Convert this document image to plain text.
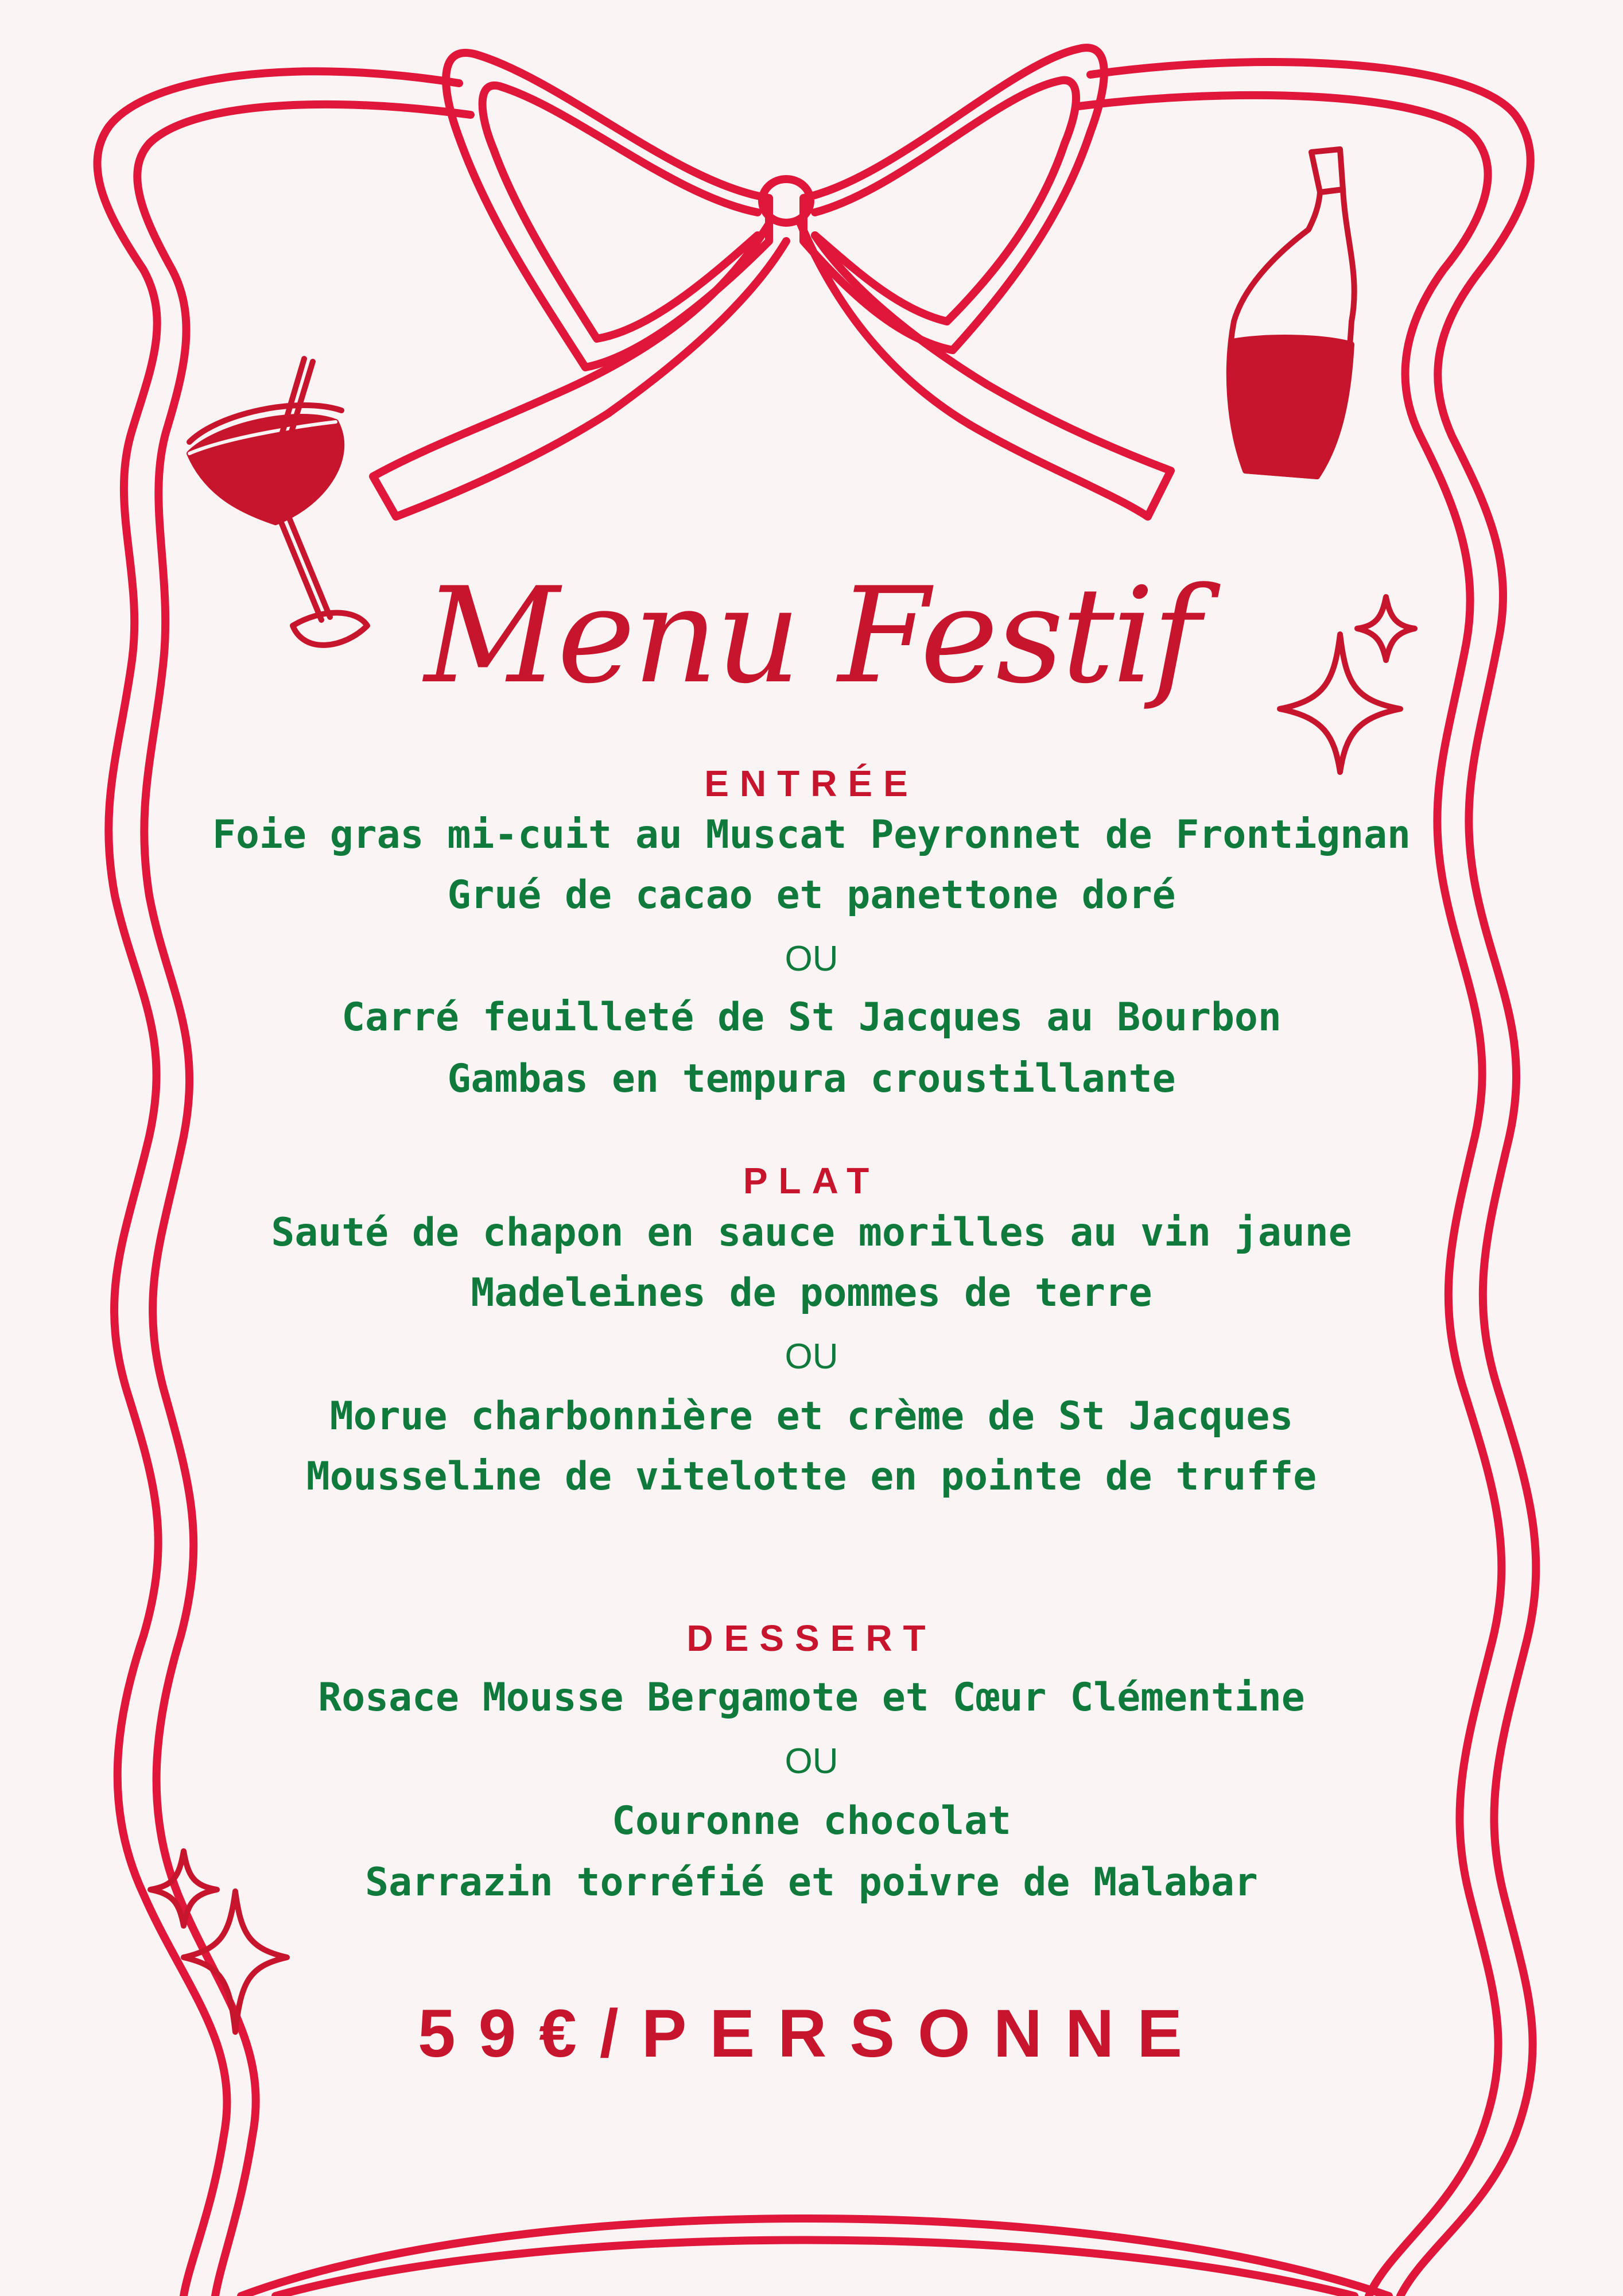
Menu Festif
ENTRÉE
Foie gras mi-cuit au Muscat Peyronnet de Frontignan
Grué de cacao et panettone doré
OU
Carré feuilleté de St Jacques au Bourbon
Gambas en tempura croustillante
PLAT
Sauté de chapon en sauce morilles au vin jaune
Madeleines de pommes de terre
OU
Morue charbonnière et crème de St Jacques
Mousseline de vitelotte en pointe de truffe
DESSERT
Rosace Mousse Bergamote et Cœur Clémentine
OU
Couronne chocolat
Sarrazin torréfié et poivre de Malabar
59€/PERSONNE
